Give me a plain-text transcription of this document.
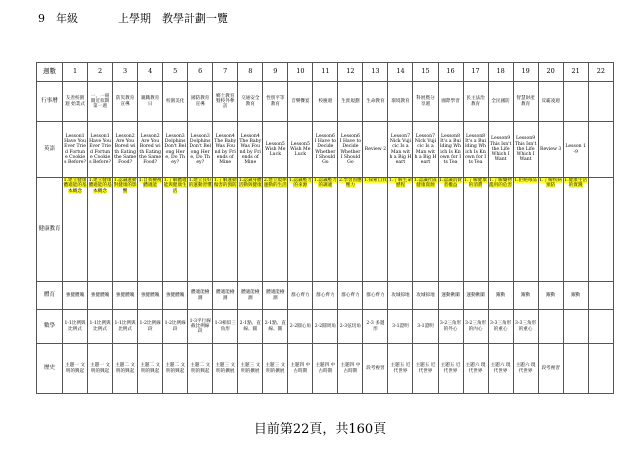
9　年級	上學期　教學計劃一覽
週數	1	2	3	4	5	6	7	8	9	10	11	12	13	14	15	16	17	18	19	20	21	22
行事曆	友善校園週 始業式	一、一冊開近似期 第一週	防災教育宣導	親職教育日	校園美化	國防教育宣導	鄉土教育暨校外參訪	交通安全教育	性別平等教育	音樂饗宴	校慶週	生涯規劃	生命教育	環境教育	科展暨分享週	國際學習	民主法治教育	全民國防	智慧財產教育	反霸凌週		
英語	Lesson1 Have You Ever Tried Fortune Cookies Before?	Lesson1 Have You Ever Tried Fortune Cookies Before?	Lesson2 Are You Bored with Eating the Same Food?	Lesson2 Are You Bored with Eating the Same Food?	Lesson3 Dolphins Don't Belong Here, Do They?	Lesson3 Dolphins Don't Belong Here, Do They?	Lesson4 The Baby Was Found by Friends of Mine	Lesson4 The Baby Was Found by Friends of Mine	Lesson5 Wish Me Luck	Lesson5 Wish Me Luck	Lesson6 I Have to Decide Whether I Should Go	Lesson6 I Have to Decide Whether I Should Go	Review 2	Lesson7 Nick Vujicic Is a Man with a Big Heart	Lesson7 Nick Vujicic Is a Man with a Big Heart	Lesson8 It's a Building Which Is Known for Its Tea	Lesson8 It's a Building Which Is Known for Its Tea	Lesson9 This Isn't the Life Which I Want	Lesson9 This Isn't the Life Which I Want	Review 3	Lesson 1-9	
健康教育	1.建立健康體適能的基本概念	1.建立健康體適能的基本概念	1.認識運動對健康的影響	1.自我檢視體適能	1.了解體適能與健康生活	1.建立良好的運動習慣	1.了解運動傷害的預防	1.認識身體活動與健康	2.建立規律運動的生活	1.認識壓力的來源	1.認識壓力的調適	2.學習因應壓力	1.探索自我	1.了解生命歷程	1.認識社區健康資源	1.認識消費者權益	1.了解健康的消費	1.了解藥物濫用的危害	1.拒絕毒品	1.了解疾病預防	1.健康生活的實踐	
體育	強健體魄	強健體魄	強健體魄	強健體魄	強健體魄	體適能檢測	體適能檢測	體適能檢測	體適能檢測	群心齊力	群心齊力	群心齊力	群心齊力	攻城掠地	攻城掠地	運動揪團	運動揪團	躍動	躍動	躍動	躍動	
數學	1-1比例與比例式	1-1比例與比例式	1-1比例與比例式	1-2比例線段	1-2比例線段	1-3平行線截比例線段	1-3相似三角形	2-1點、直線、圓	2-1點、直線、圓	2-2圓心角	2-2圓周角	2-3弦切角	2-3 多邊形	3-1證明	3-1證明	3-2三角形的外心	3-2三角形的內心	3-3三角形的重心	3-3三角形的重心			
歷史	主題一 文明的興起	主題一 文明的興起	主題二 文明的興起	主題二 文明的興起	主題二 文明的興起	主題二 文明的興起	主題三 文明的擴展	主題三 文明的擴展	主題三 文明的擴展	主題四 中古時期	主題四 中古時期	主題四 中古時期	段考複習	主題五 近代世界	主題五 近代世界	主題五 近代世界	主題六 現代世界	主題六 現代世界	主題六 現代世界	段考複習		
目前第22頁，共160頁
